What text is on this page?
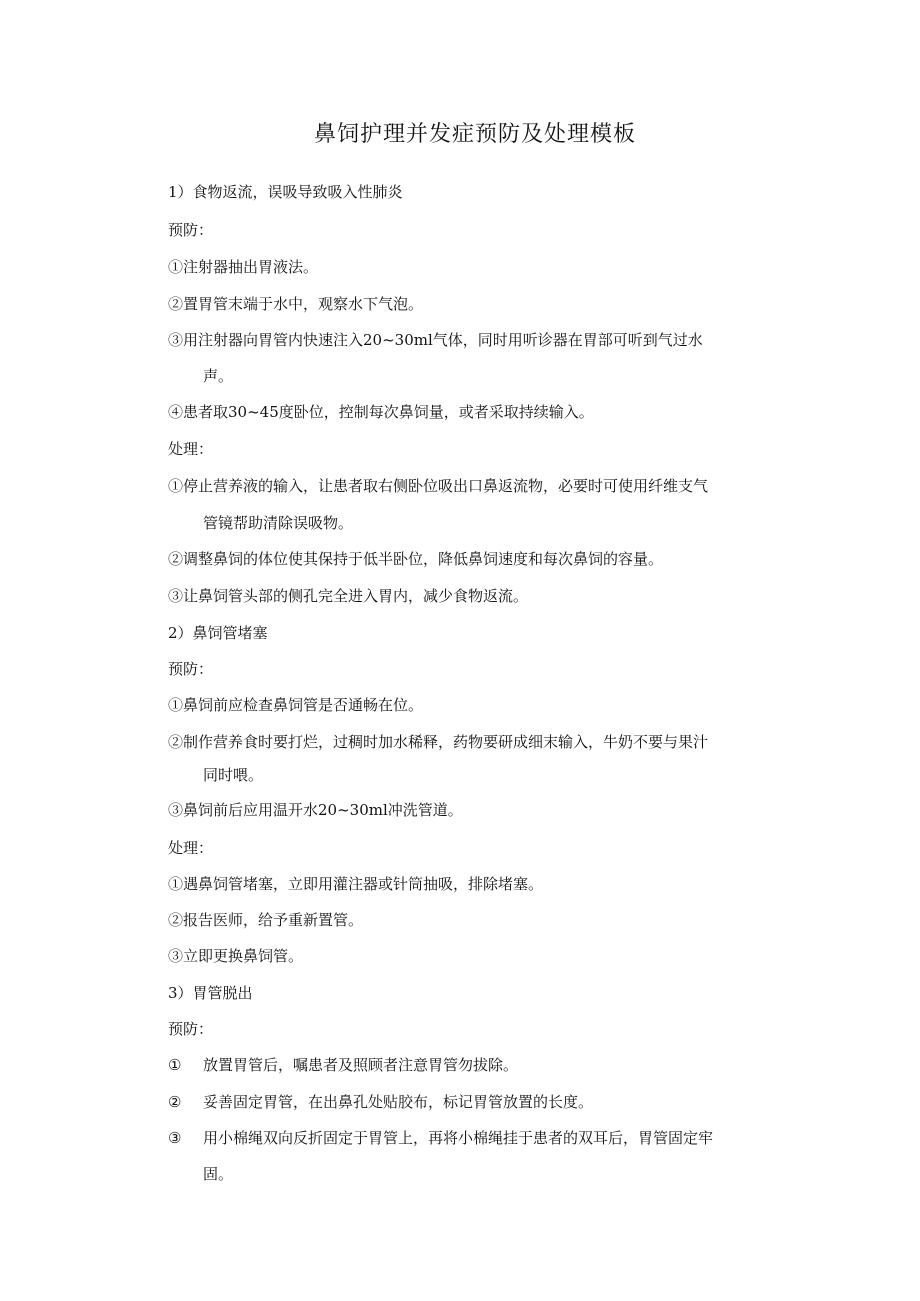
鼻饲护理并发症预防及处理模板
1）食物返流，误吸导致吸入性肺炎
预防：
①注射器抽出胃液法。
②置胃管末端于水中，观察水下气泡。
③用注射器向胃管内快速注入20~30ml气体，同时用听诊器在胃部可听到气过水
声。
④患者取30~45度卧位，控制每次鼻饲量，或者采取持续输入。
处理：
①停止营养液的输入，让患者取右侧卧位吸出口鼻返流物，必要时可使用纤维支气
管镜帮助清除误吸物。
②调整鼻饲的体位使其保持于低半卧位，降低鼻饲速度和每次鼻饲的容量。
③让鼻饲管头部的侧孔完全进入胃内，减少食物返流。
2）鼻饲管堵塞
预防：
①鼻饲前应检查鼻饲管是否通畅在位。
②制作营养食时要打烂，过稠时加水稀释，药物要研成细末输入，牛奶不要与果汁
同时喂。
③鼻饲前后应用温开水20~30ml冲洗管道。
处理：
①遇鼻饲管堵塞，立即用灌注器或针筒抽吸，排除堵塞。
②报告医师，给予重新置管。
③立即更换鼻饲管。
3）胃管脱出
预防：
① 放置胃管后，嘱患者及照顾者注意胃管勿拔除。
② 妥善固定胃管，在出鼻孔处贴胶布，标记胃管放置的长度。
③ 用小棉绳双向反折固定于胃管上，再将小棉绳挂于患者的双耳后，胃管固定牢
固。
